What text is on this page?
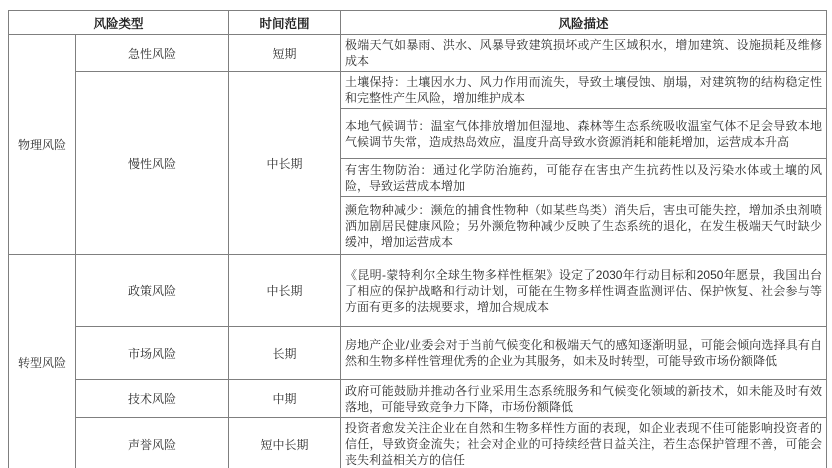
风险类型		时间范围	风险描述
物理风险	急性风险	短期	极端天气如暴雨、洪水、风暴导致建筑损坏或产生区域积水，增加建筑、设施损耗及维修成本
	慢性风险	中长期	土壤保持：土壤因水力、风力作用而流失，导致土壤侵蚀、崩塌，对建筑物的结构稳定性和完整性产生风险，增加维护成本
			本地气候调节：温室气体排放增加但湿地、森林等生态系统吸收温室气体不足会导致本地气候调节失常，造成热岛效应，温度升高导致水资源消耗和能耗增加，运营成本升高
			有害生物防治：通过化学防治施药，可能存在害虫产生抗药性以及污染水体或土壤的风险，导致运营成本增加
			濒危物种减少：濒危的捕食性物种（如某些鸟类）消失后，害虫可能失控，增加杀虫剂喷洒加剧居民健康风险；另外濒危物种减少反映了生态系统的退化，在发生极端天气时缺少缓冲，增加运营成本
转型风险	政策风险	中长期	《昆明-蒙特利尔全球生物多样性框架》设定了2030年行动目标和2050年愿景，我国出台了相应的保护战略和行动计划，可能在生物多样性调查监测评估、保护恢复、社会参与等方面有更多的法规要求，增加合规成本
	市场风险	长期	房地产企业/业委会对于当前气候变化和极端天气的感知逐渐明显，可能会倾向选择具有自然和生物多样性管理优秀的企业为其服务，如未及时转型，可能导致市场份额降低
	技术风险	中期	政府可能鼓励并推动各行业采用生态系统服务和气候变化领域的新技术，如未能及时有效落地，可能导致竞争力下降，市场份额降低
	声誉风险	短中长期	投资者愈发关注企业在自然和生物多样性方面的表现，如企业表现不佳可能影响投资者的信任，导致资金流失；社会对企业的可持续经营日益关注，若生态保护管理不善，可能会丧失利益相关方的信任
